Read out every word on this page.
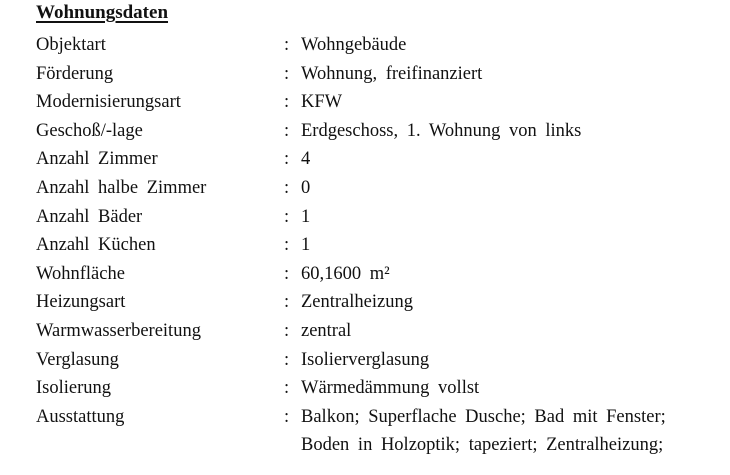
Wohnungsdaten
Objektart	: Wohngebäude
Förderung	: Wohnung, freifinanziert
Modernisierungsart	: KFW
Geschoß/-lage	: Erdgeschoss, 1. Wohnung von links
Anzahl Zimmer	: 4
Anzahl halbe Zimmer	: 0
Anzahl Bäder	: 1
Anzahl Küchen	: 1
Wohnfläche	: 60,1600 m²
Heizungsart	: Zentralheizung
Warmwasserbereitung	: zentral
Verglasung	: Isolierverglasung
Isolierung	: Wärmedämmung vollst
Ausstattung	: Balkon; Superflache Dusche; Bad mit Fenster;
Boden in Holzoptik; tapeziert; Zentralheizung;
